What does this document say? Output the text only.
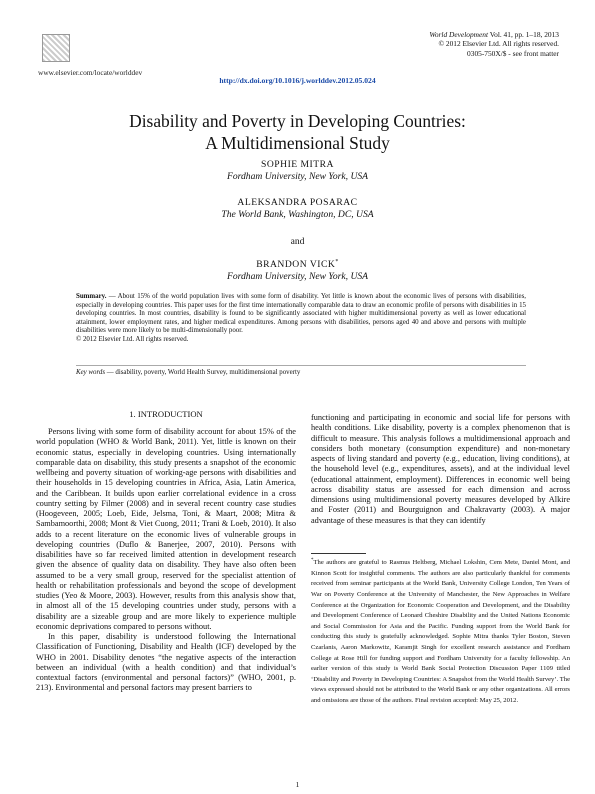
www.elsevier.com/locate/worlddev
World Development Vol. 41, pp. 1–18, 2013
© 2012 Elsevier Ltd. All rights reserved.
0305-750X/$ - see front matter
http://dx.doi.org/10.1016/j.worlddev.2012.05.024
Disability and Poverty in Developing Countries:
A Multidimensional Study
SOPHIE MITRA
Fordham University, New York, USA
ALEKSANDRA POSARAC
The World Bank, Washington, DC, USA
and
BRANDON VICK*
Fordham University, New York, USA
Summary. — About 15% of the world population lives with some form of disability. Yet little is known about the economic lives of persons with disabilities, especially in developing countries. This paper uses for the first time internationally comparable data to draw an economic profile of persons with disabilities in 15 developing countries. In most countries, disability is found to be significantly associated with higher multidimensional poverty as well as lower educational attainment, lower employment rates, and higher medical expenditures. Among persons with disabilities, persons aged 40 and above and persons with multiple disabilities were more likely to be multi-dimensionally poor.
© 2012 Elsevier Ltd. All rights reserved.
Key words — disability, poverty, World Health Survey, multidimensional poverty
1. INTRODUCTION

Persons living with some form of disability account for about 15% of the world population (WHO & World Bank, 2011). Yet, little is known on their economic status, especially in developing countries. Using internationally comparable data on disability, this study presents a snapshot of the economic wellbeing and poverty situation of working-age persons with disabilities and their households in 15 developing countries in Africa, Asia, Latin America, and the Caribbean. It builds upon earlier correlational evidence in a cross country setting by Filmer (2008) and in several recent country case studies (Hoogeveen, 2005; Loeb, Eide, Jelsma, Toni, & Maart, 2008; Mitra & Sambamoorthi, 2008; Mont & Viet Cuong, 2011; Trani & Loeb, 2010). It also adds to a recent literature on the economic lives of vulnerable groups in developing countries (Duflo & Banerjee, 2007, 2010). Persons with disabilities have so far received limited attention in development research given the absence of quality data on disability. They have also often been assumed to be a very small group, reserved for the specialist attention of health or rehabilitation professionals and beyond the scope of development studies (Yeo & Moore, 2003). However, results from this analysis show that, in almost all of the 15 developing countries under study, persons with a disability are a sizeable group and are more likely to experience multiple economic deprivations compared to persons without.

In this paper, disability is understood following the International Classification of Functioning, Disability and Health (ICF) developed by the WHO in 2001. Disability denotes “the negative aspects of the interaction between an individual (with a health condition) and that individual’s contextual factors (environmental and personal factors)” (WHO, 2001, p. 213). Environmental and personal factors may present barriers to

functioning and participating in economic and social life for persons with health conditions. Like disability, poverty is a complex phenomenon that is difficult to measure. This analysis follows a multidimensional approach and considers both monetary (consumption expenditure) and non-monetary aspects of living standard and poverty (e.g., education, living conditions), at the household level (e.g., expenditures, assets), and at the individual level (educational attainment, employment). Differences in economic well being across disability status are assessed for each dimension and across dimensions using multidimensional poverty measures developed by Alkire and Foster (2011) and Bourguignon and Chakravarty (2003). A major advantage of these measures is that they can identify

*The authors are grateful to Rasmus Heltberg, Michael Lokshin, Cem Mete, Daniel Mont, and Kinnon Scott for insightful comments. The authors are also particularly thankful for comments received from seminar participants at the World Bank, University College London, Ten Years of War on Poverty Conference at the University of Manchester, the New Approaches in Welfare Conference at the Organization for Economic Cooperation and Development, and the Disability and Development Conference of Leonard Cheshire Disability and the United Nations Economic and Social Commission for Asia and the Pacific. Funding support from the World Bank for conducting this study is gratefully acknowledged. Sophie Mitra thanks Tyler Boston, Steven Czarlanis, Aaron Markowitz, Karamjit Singh for excellent research assistance and Fordham College at Rose Hill for funding support and Fordham University for a faculty fellowship. An earlier version of this study is World Bank Social Protection Discussion Paper 1109 titled ‘Disability and Poverty in Developing Countries: A Snapshot from the World Health Survey’. The views expressed should not be attributed to the World Bank or any other organizations. All errors and omissions are those of the authors. Final revision accepted: May 25, 2012.
1
